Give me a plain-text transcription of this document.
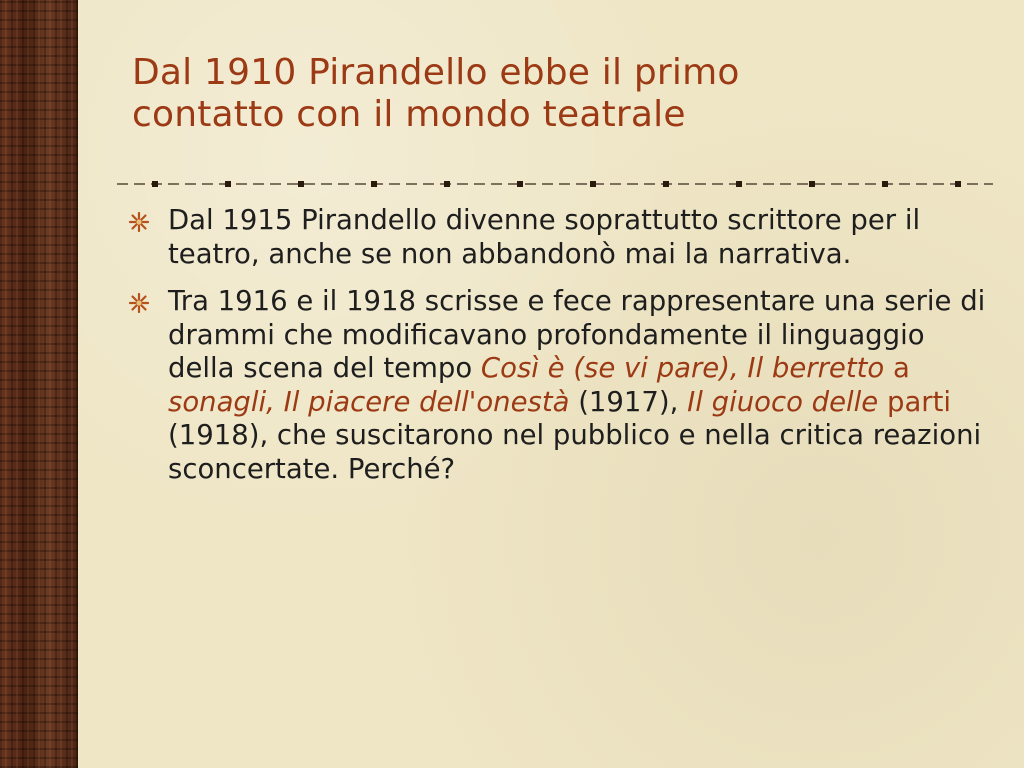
Dal 1910 Pirandello ebbe il primo
contatto con il mondo teatrale
Dal 1915 Pirandello divenne soprattutto scrittore per il teatro, anche se non abbandonò mai la narrativa.
Tra 1916 e il 1918 scrisse e fece rappresentare una serie di drammi che modificavano profondamente il linguaggio della scena del tempo Così è (se vi pare), Il berretto a sonagli, Il piacere dell'onestà (1917), Il giuoco delle parti (1918), che suscitarono nel pubblico e nella critica reazioni sconcertate. Perché?
